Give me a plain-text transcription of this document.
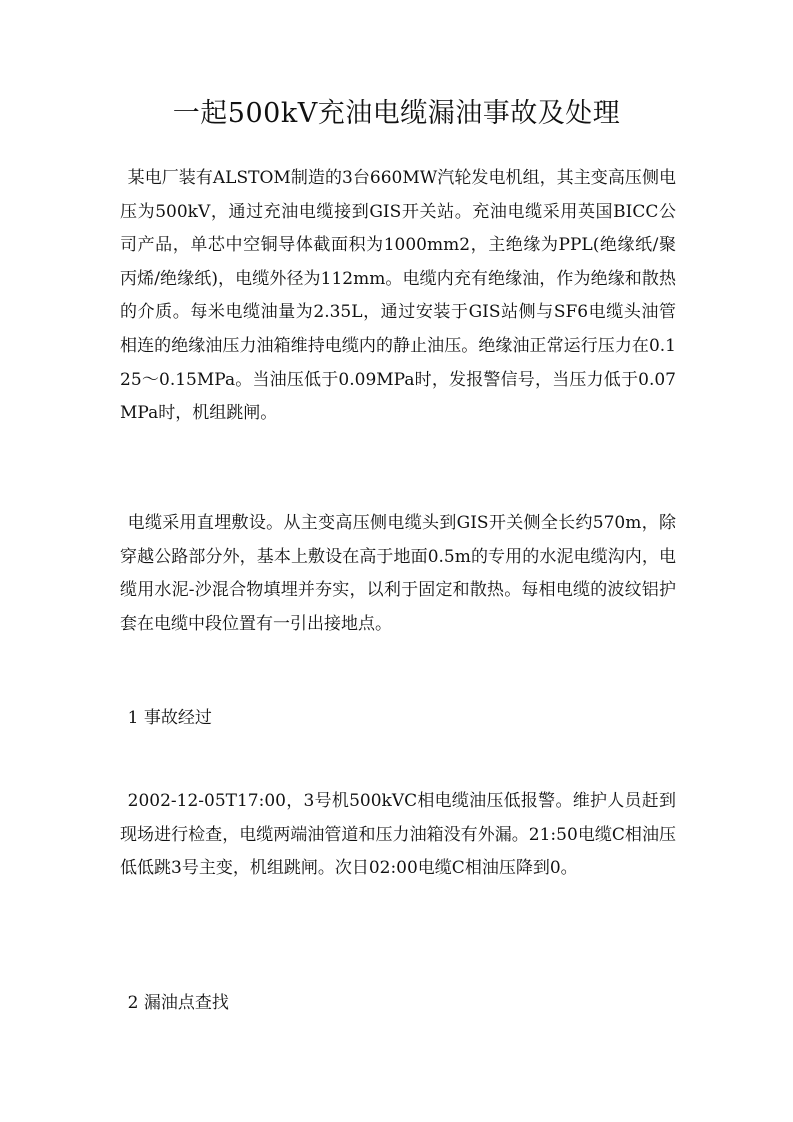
一起500kV充油电缆漏油事故及处理

某电厂装有ALSTOM制造的3台660MW汽轮发电机组，其主变高压侧电压为500kV，通过充油电缆接到GIS开关站。充油电缆采用英国BICC公司产品，单芯中空铜导体截面积为1000mm2，主绝缘为PPL(绝缘纸/聚丙烯/绝缘纸)，电缆外径为112mm。电缆内充有绝缘油，作为绝缘和散热的介质。每米电缆油量为2.35L，通过安装于GIS站侧与SF6电缆头油管相连的绝缘油压力油箱维持电缆内的静止油压。绝缘油正常运行压力在0.125～0.15MPa。当油压低于0.09MPa时，发报警信号，当压力低于0.07MPa时，机组跳闸。

电缆采用直埋敷设。从主变高压侧电缆头到GIS开关侧全长约570m，除穿越公路部分外，基本上敷设在高于地面0.5m的专用的水泥电缆沟内，电缆用水泥-沙混合物填埋并夯实，以利于固定和散热。每相电缆的波纹铝护套在电缆中段位置有一引出接地点。

1 事故经过

2002-12-05T17:00，3号机500kVC相电缆油压低报警。维护人员赶到现场进行检查，电缆两端油管道和压力油箱没有外漏。21:50电缆C相油压低低跳3号主变，机组跳闸。次日02:00电缆C相油压降到0。

2 漏油点查找
